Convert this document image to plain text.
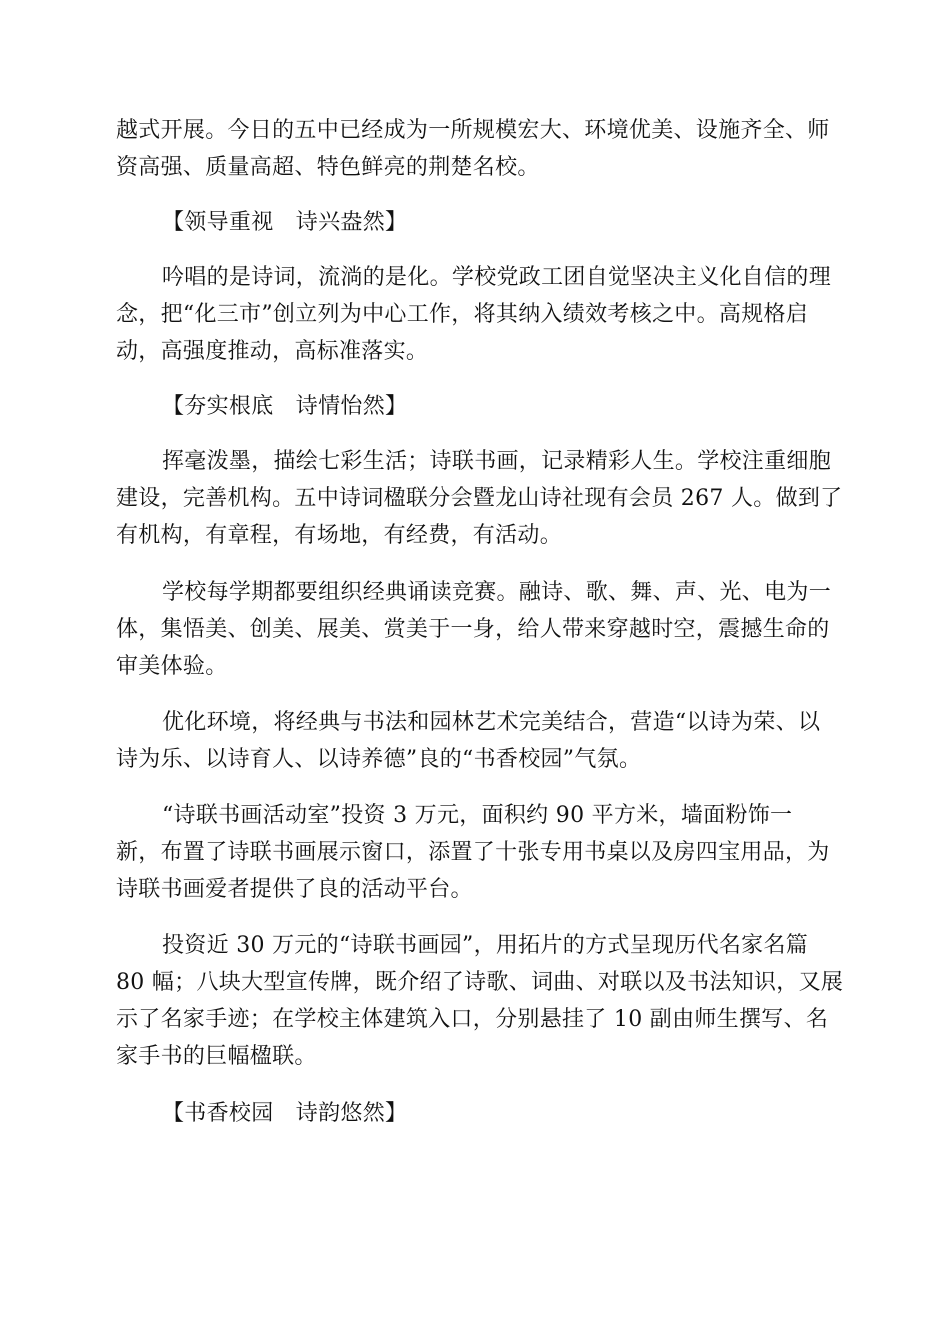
越式开展。今日的五中已经成为一所规模宏大、环境优美、设施齐全、师
资高强、质量高超、特色鲜亮的荆楚名校。
【领导重视　诗兴盎然】
吟唱的是诗词，流淌的是化。学校党政工团自觉坚决主义化自信的理
念，把“化三市”创立列为中心工作，将其纳入绩效考核之中。高规格启
动，高强度推动，高标准落实。
【夯实根底　诗情怡然】
挥毫泼墨，描绘七彩生活；诗联书画，记录精彩人生。学校注重细胞
建设，完善机构。五中诗词楹联分会暨龙山诗社现有会员 267 人。做到了
有机构，有章程，有场地，有经费，有活动。
学校每学期都要组织经典诵读竞赛。融诗、歌、舞、声、光、电为一
体，集悟美、创美、展美、赏美于一身，给人带来穿越时空，震撼生命的
审美体验。
优化环境，将经典与书法和园林艺术完美结合，营造“以诗为荣、以
诗为乐、以诗育人、以诗养德”良的“书香校园”气氛。
“诗联书画活动室”投资 3 万元，面积约 90 平方米，墙面粉饰一
新，布置了诗联书画展示窗口，添置了十张专用书桌以及房四宝用品，为
诗联书画爱者提供了良的活动平台。
投资近 30 万元的“诗联书画园”，用拓片的方式呈现历代名家名篇
80 幅；八块大型宣传牌，既介绍了诗歌、词曲、对联以及书法知识，又展
示了名家手迹；在学校主体建筑入口，分别悬挂了 10 副由师生撰写、名
家手书的巨幅楹联。
【书香校园　诗韵悠然】
